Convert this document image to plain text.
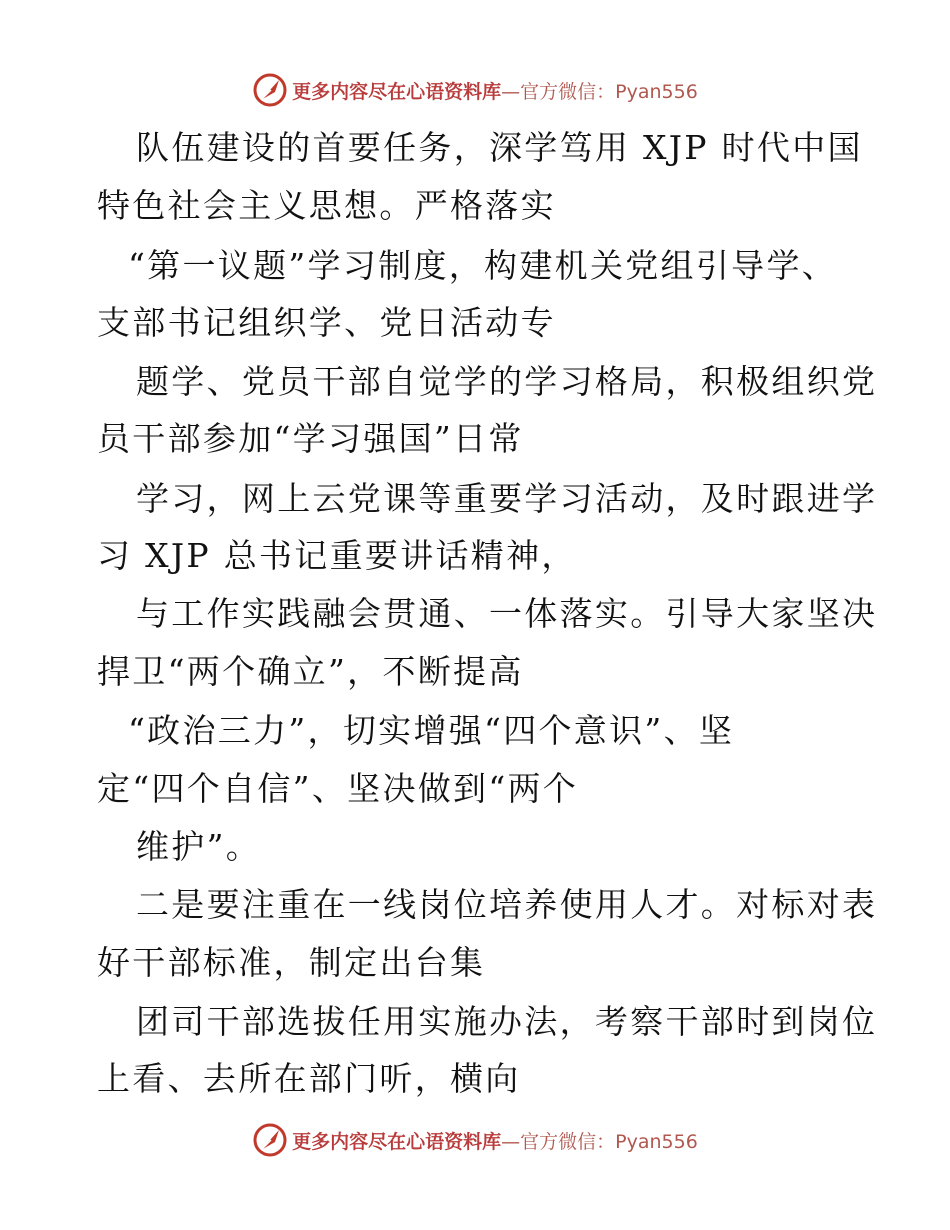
更多内容尽在心语资料库—官方微信：Pyan556
队伍建设的首要任务，深学笃用 XJP 时代中国
特色社会主义思想。严格落实
“第一议题”学习制度，构建机关党组引导学、
支部书记组织学、党日活动专
题学、党员干部自觉学的学习格局，积极组织党
员干部参加“学习强国”日常
学习，网上云党课等重要学习活动，及时跟进学
习 XJP 总书记重要讲话精神，
与工作实践融会贯通、一体落实。引导大家坚决
捍卫“两个确立”，不断提高
“政治三力”，切实增强“四个意识”、坚
定“四个自信”、坚决做到“两个
维护”。
二是要注重在一线岗位培养使用人才。对标对表
好干部标准，制定出台集
团司干部选拔任用实施办法，考察干部时到岗位
上看、去所在部门听，横向
更多内容尽在心语资料库—官方微信：Pyan556
